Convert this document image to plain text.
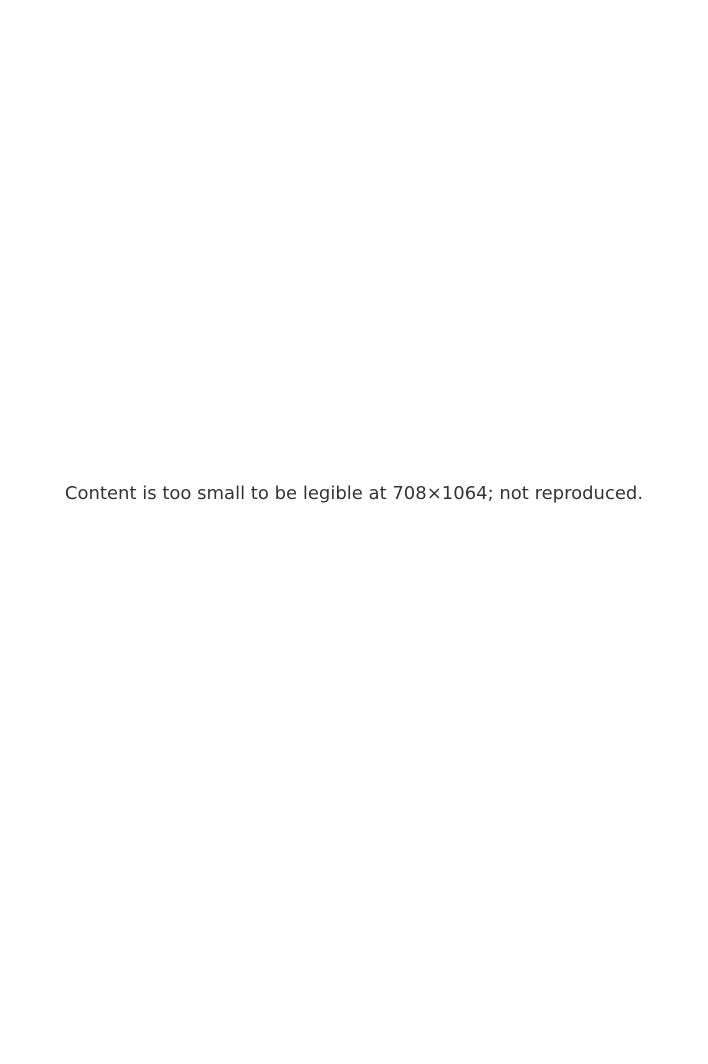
Content is too small to be legible at 708×1064; not reproduced.
